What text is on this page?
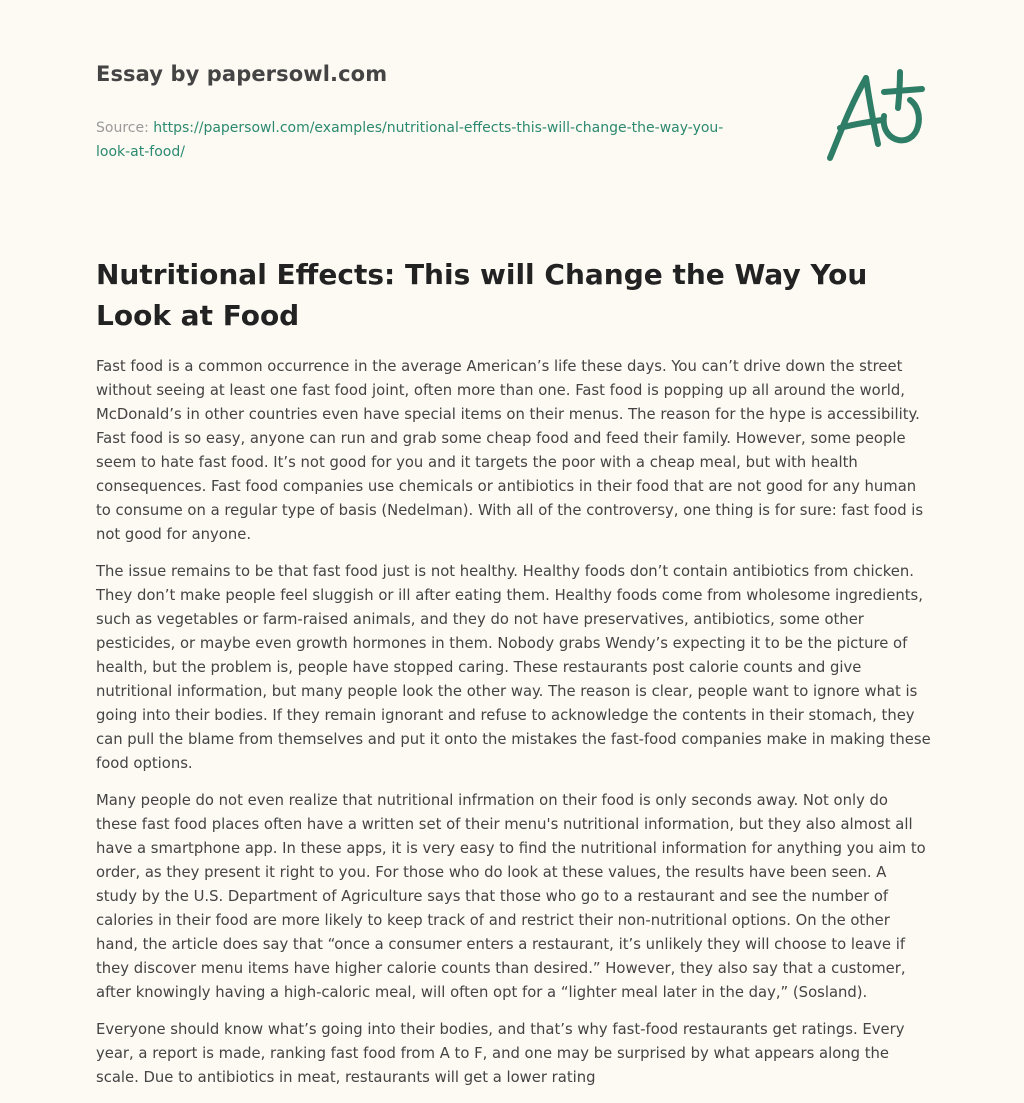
Essay by papersowl.com
Source: https://papersowl.com/examples/nutritional-effects-this-will-change-the-way-you-look-at-food/
Nutritional Effects: This will Change the Way You Look at Food

Fast food is a common occurrence in the average American’s life these days. You can’t drive down the street without seeing at least one fast food joint, often more than one. Fast food is popping up all around the world, McDonald’s in other countries even have special items on their menus. The reason for the hype is accessibility. Fast food is so easy, anyone can run and grab some cheap food and feed their family. However, some people seem to hate fast food. It’s not good for you and it targets the poor with a cheap meal, but with health consequences. Fast food companies use chemicals or antibiotics in their food that are not good for any human to consume on a regular type of basis (Nedelman). With all of the controversy, one thing is for sure: fast food is not good for anyone.

The issue remains to be that fast food just is not healthy. Healthy foods don’t contain antibiotics from chicken. They don’t make people feel sluggish or ill after eating them. Healthy foods come from wholesome ingredients, such as vegetables or farm-raised animals, and they do not have preservatives, antibiotics, some other pesticides, or maybe even growth hormones in them. Nobody grabs Wendy’s expecting it to be the picture of health, but the problem is, people have stopped caring. These restaurants post calorie counts and give nutritional information, but many people look the other way. The reason is clear, people want to ignore what is going into their bodies. If they remain ignorant and refuse to acknowledge the contents in their stomach, they can pull the blame from themselves and put it onto the mistakes the fast-food companies make in making these food options.

Many people do not even realize that nutritional infrmation on their food is only seconds away. Not only do these fast food places often have a written set of their menu's nutritional information, but they also almost all have a smartphone app. In these apps, it is very easy to find the nutritional information for anything you aim to order, as they present it right to you. For those who do look at these values, the results have been seen. A study by the U.S. Department of Agriculture says that those who go to a restaurant and see the number of calories in their food are more likely to keep track of and restrict their non-nutritional options. On the other hand, the article does say that “once a consumer enters a restaurant, it’s unlikely they will choose to leave if they discover menu items have higher calorie counts than desired.” However, they also say that a customer, after knowingly having a high-caloric meal, will often opt for a “lighter meal later in the day,” (Sosland).

Everyone should know what’s going into their bodies, and that’s why fast-food restaurants get ratings. Every year, a report is made, ranking fast food from A to F, and one may be surprised by what appears along the scale. Due to antibiotics in meat, restaurants will get a lower rating
